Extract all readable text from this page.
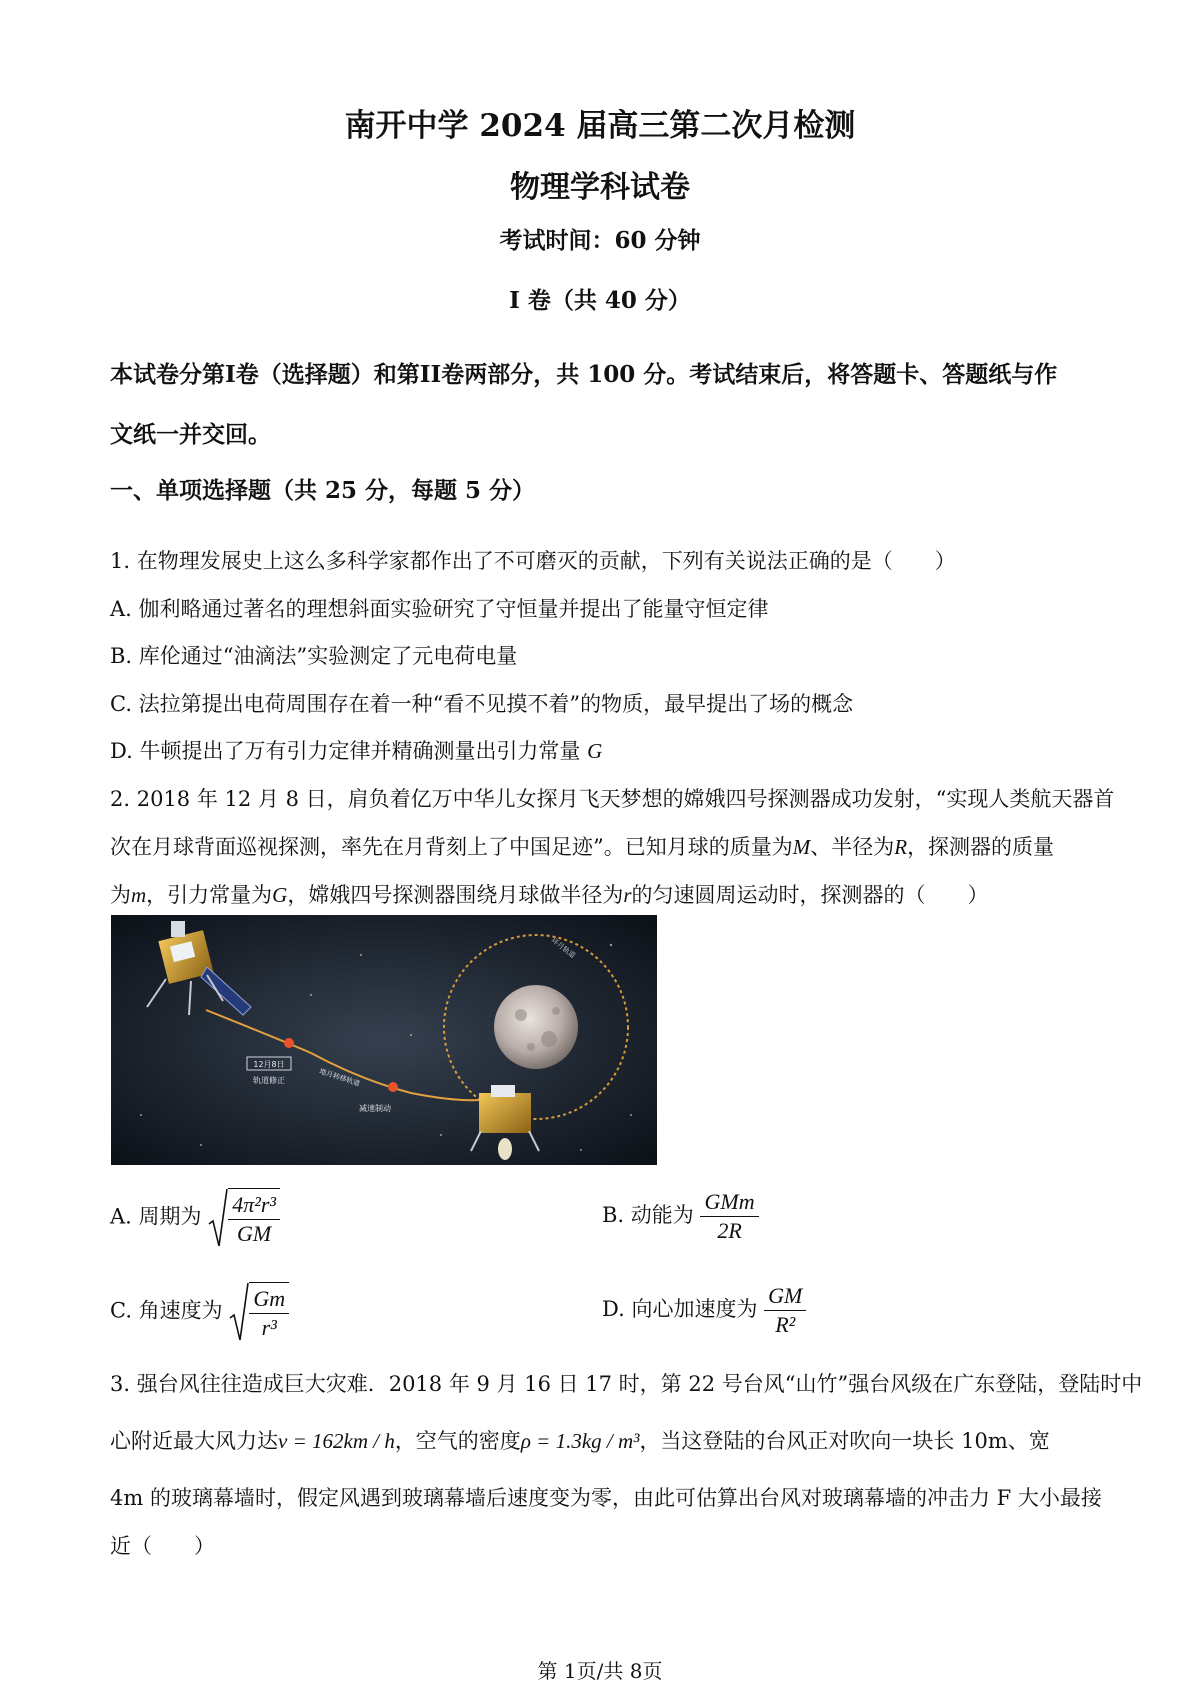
南开中学 2024 届高三第二次月检测
物理学科试卷
考试时间：60 分钟
I 卷（共 40 分）
本试卷分第I卷（选择题）和第II卷两部分，共 100 分。考试结束后，将答题卡、答题纸与作
文纸一并交回。
一、单项选择题（共 25 分，每题 5 分）
1. 在物理发展史上这么多科学家都作出了不可磨灭的贡献，下列有关说法正确的是（　　）
A. 伽利略通过著名的理想斜面实验研究了守恒量并提出了能量守恒定律
B. 库伦通过“油滴法”实验测定了元电荷电量
C. 法拉第提出电荷周围存在着一种“看不见摸不着”的物质，最早提出了场的概念
D. 牛顿提出了万有引力定律并精确测量出引力常量 G
2. 2018 年 12 月 8 日，肩负着亿万中华儿女探月飞天梦想的嫦娥四号探测器成功发射，“实现人类航天器首
次在月球背面巡视探测，率先在月背刻上了中国足迹”。已知月球的质量为M、半径为R，探测器的质量
为m，引力常量为G，嫦娥四号探测器围绕月球做半径为r的匀速圆周运动时，探测器的（　　）
12月8日
轨道修正	地月转移轨道
减速制动
环月轨道
A. 周期为 $\frac{\text{4π²r³}}{GM}$	B. 动能为 $\frac{\text{GMm}}{2R}$
C. 角速度为 $\frac{Gm}{\text{r³}}$	D. 向心加速度为 $\frac{GM}{\text{R²}}$
3. 强台风往往造成巨大灾难．2018 年 9 月 16 日 17 时，第 22 号台风“山竹”强台风级在广东登陆，登陆时中
心附近最大风力达v = 162km / h，空气的密度ρ = 1.3kg / m³，当这登陆的台风正对吹向一块长 10m、宽
4m 的玻璃幕墙时，假定风遇到玻璃幕墙后速度变为零，由此可估算出台风对玻璃幕墙的冲击力 F 大小最接
近（　　）
第 1页/共 8页
